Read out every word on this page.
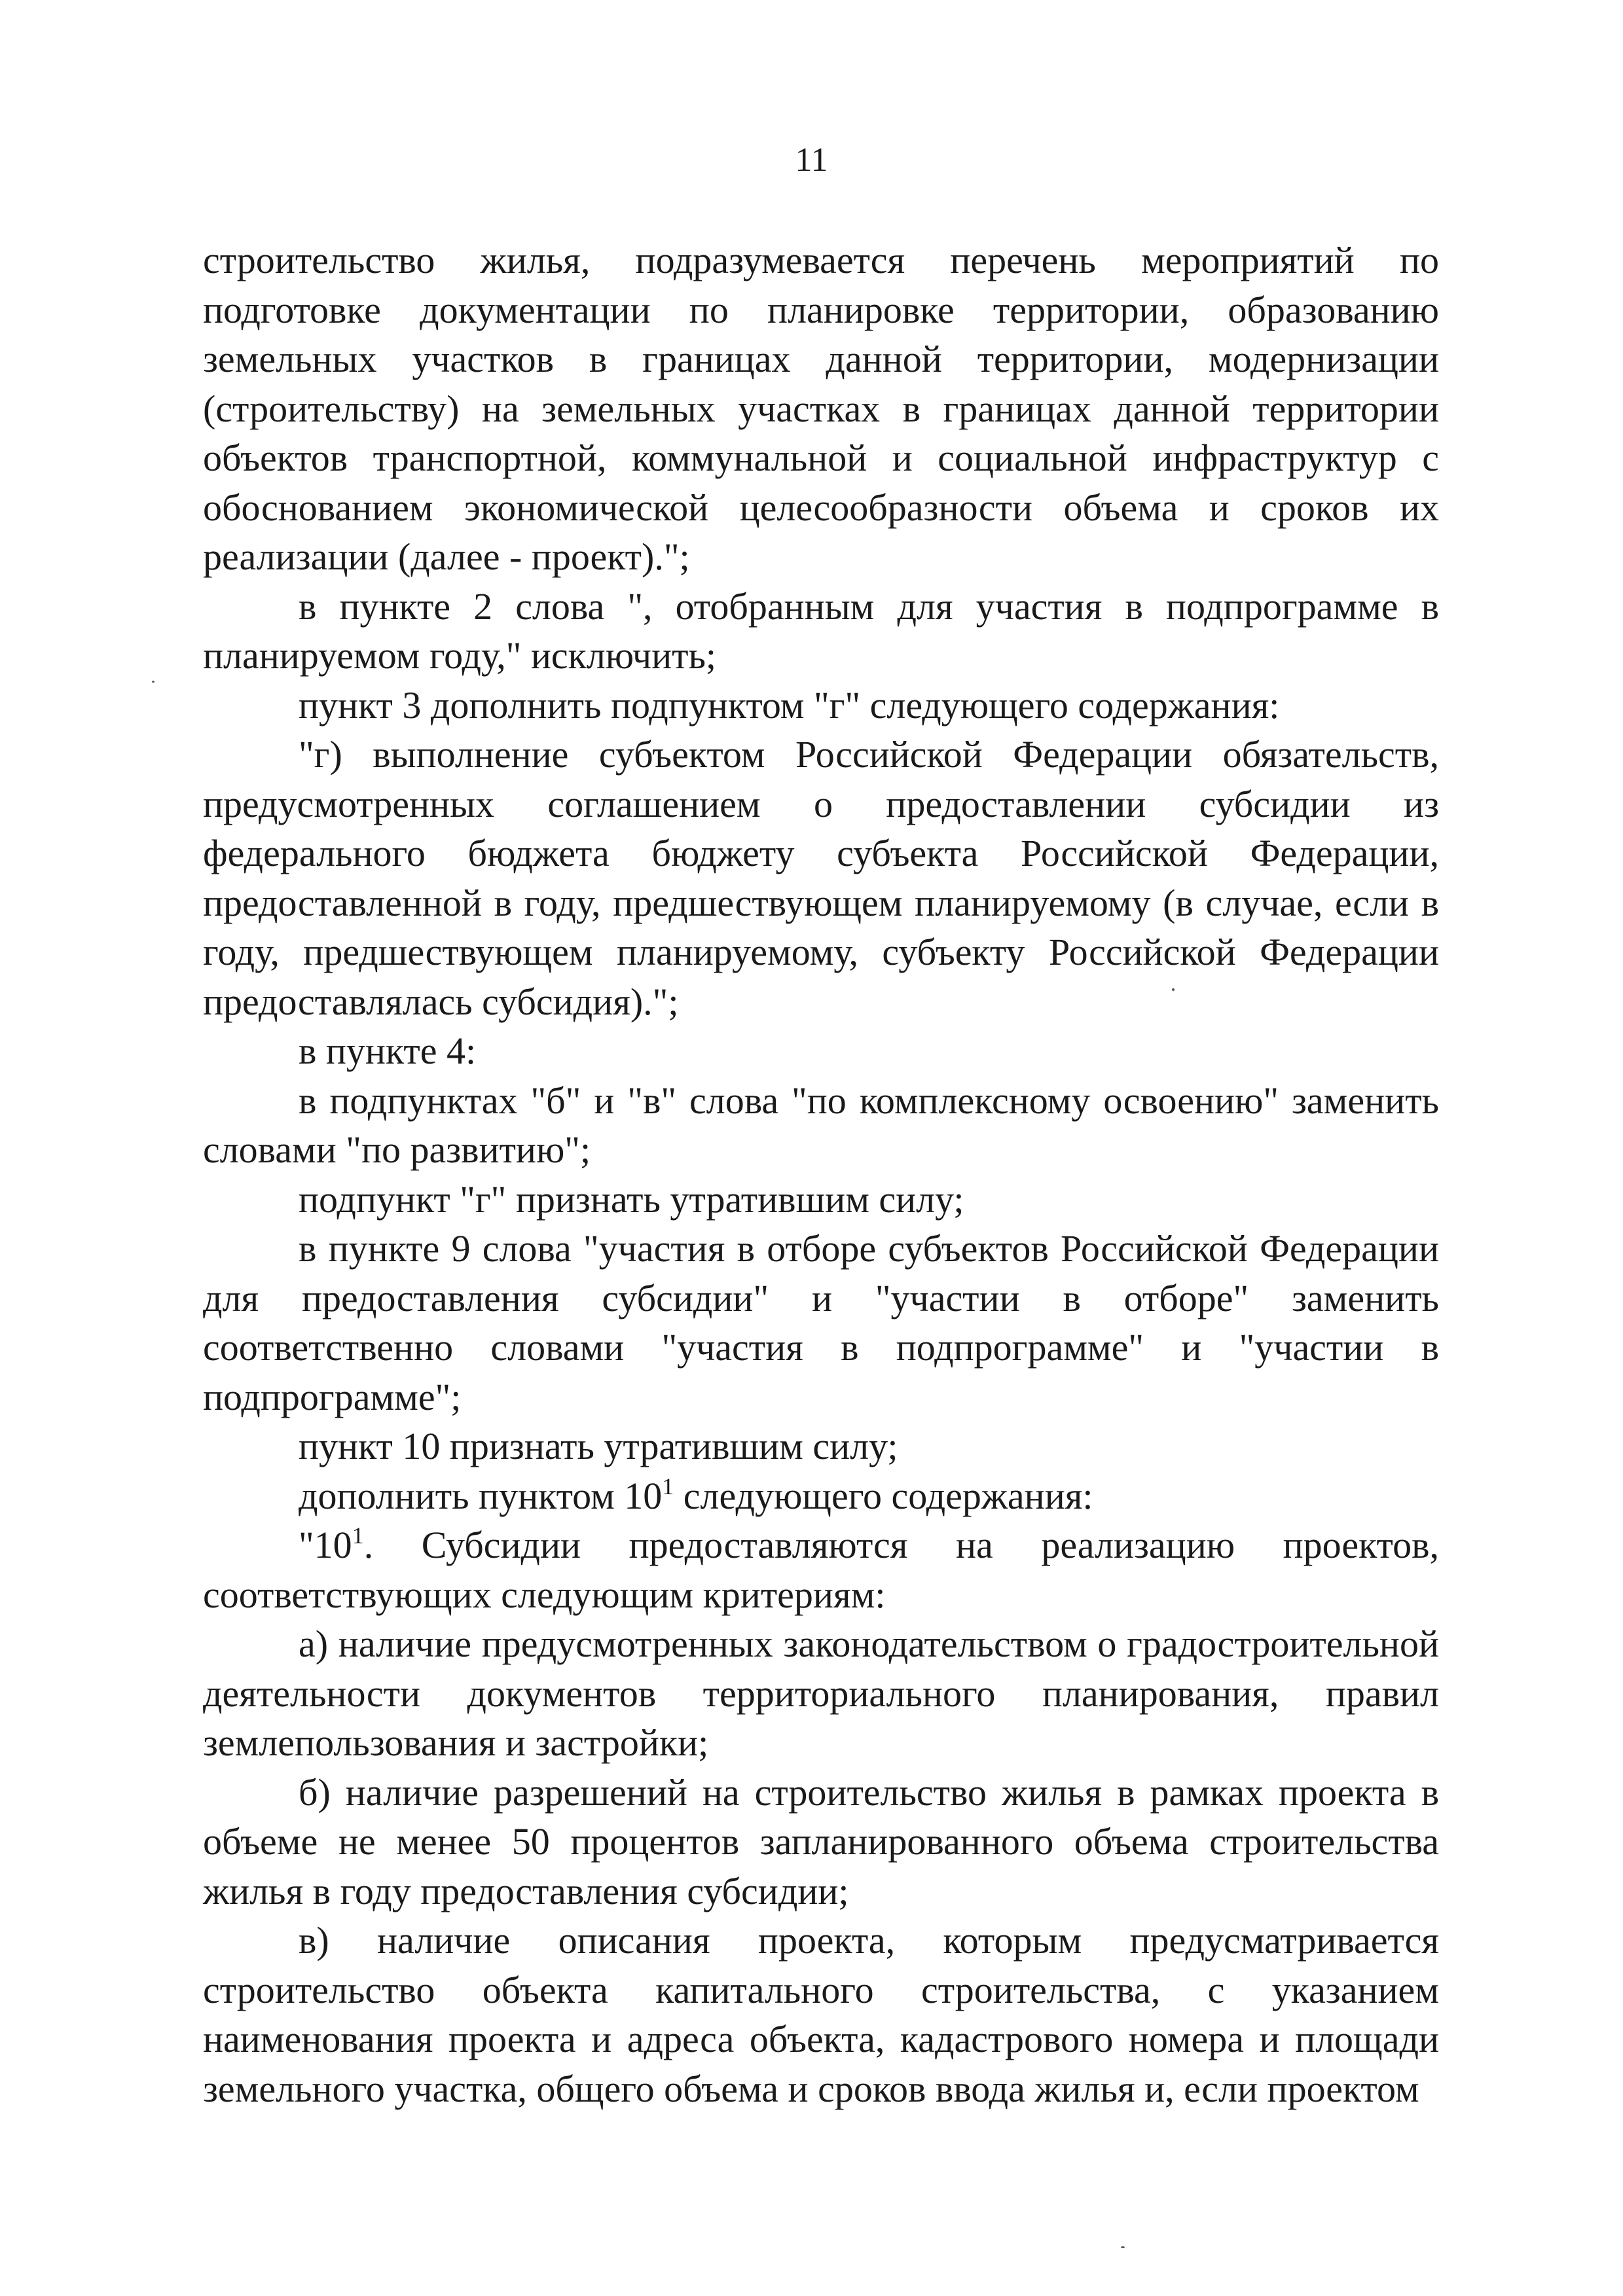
11

строительство жилья, подразумевается перечень мероприятий по подготовке документации по планировке территории, образованию земельных участков в границах данной территории, модернизации (строительству) на земельных участках в границах данной территории объектов транспортной, коммунальной и социальной инфраструктур с обоснованием экономической целесообразности объема и сроков их реализации (далее - проект).";

в пункте 2 слова ", отобранным для участия в подпрограмме в планируемом году," исключить;

пункт 3 дополнить подпунктом "г" следующего содержания:

"г) выполнение субъектом Российской Федерации обязательств, предусмотренных соглашением о предоставлении субсидии из федерального бюджета бюджету субъекта Российской Федерации, предоставленной в году, предшествующем планируемому (в случае, если в году, предшествующем планируемому, субъекту Российской Федерации предоставлялась субсидия).";

в пункте 4:

в подпунктах "б" и "в" слова "по комплексному освоению" заменить словами "по развитию";

подпункт "г" признать утратившим силу;

в пункте 9 слова "участия в отборе субъектов Российской Федерации для предоставления субсидии" и "участии в отборе" заменить соответственно словами "участия в подпрограмме" и "участии в подпрограмме";

пункт 10 признать утратившим силу;

дополнить пунктом $10^1$ следующего содержания:

"$10^1$. Субсидии предоставляются на реализацию проектов, соответствующих следующим критериям:

а) наличие предусмотренных законодательством о градостроительной деятельности документов территориального планирования, правил землепользования и застройки;

б) наличие разрешений на строительство жилья в рамках проекта в объеме не менее 50 процентов запланированного объема строительства жилья в году предоставления субсидии;

в) наличие описания проекта, которым предусматривается строительство объекта капитального строительства, с указанием наименования проекта и адреса объекта, кадастрового номера и площади земельного участка, общего объема и сроков ввода жилья и, если проектом
